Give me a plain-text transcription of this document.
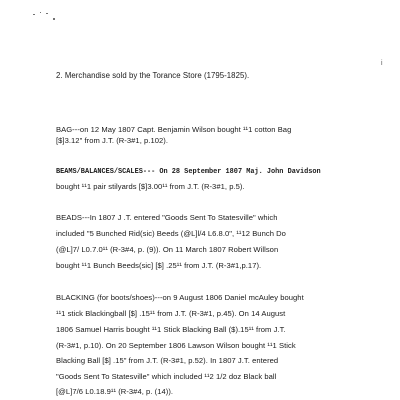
i
2. Merchandise sold by the Torance Store (1795-1825).
BAG---on 12 May 1807 Capt. Benjamin Wilson bought ¹¹1 cotton Bag
[$]3.12" from J.T. (R-3#1, p.102).
BEAMS/BALANCES/SCALES--- On 28 September 1807 Maj. John Davidson
bought ¹¹1 pair stilyards [$]3.00¹¹ from J.T. (R-3#1, p.5).
BEADS---In 1807 J .T. entered "Goods Sent To Statesville" which
included "5 Bunched Rid(sic) Beeds (@L]l/4 L6.8.0", ¹¹12 Bunch Do
(@L]7/ L0.7.0¹¹ (R-3#4, p. (9)). On 11 March 1807 Robert Willson
bought ¹¹1 Bunch Beeds(sic] [$] .25¹¹ from J.T. (R-3#1,p.17).
BLACKING (for boots/shoes)---on 9 August 1806 Daniel mcAuley bought
¹¹1 stick Blackingball [$] .15¹¹ from J.T. (R-3#1, p.45). On 14 August
1806 Samuel Harris bought ¹¹1 Stick Blacking Ball ($).15¹¹ from J.T.
(R-3#1, p.10). On 20 September 1806 Lawson Wilson bought ¹¹1 Stick
Blacking Ball [$] .15" from J.T. (R-3#1, p.52). In 1807 J.T. entered
"Goods Sent To Statesville" which included ¹¹2 1/2 doz Black ball
[@L]7/6 L0.18.9¹¹ (R-3#4, p. (14)).
